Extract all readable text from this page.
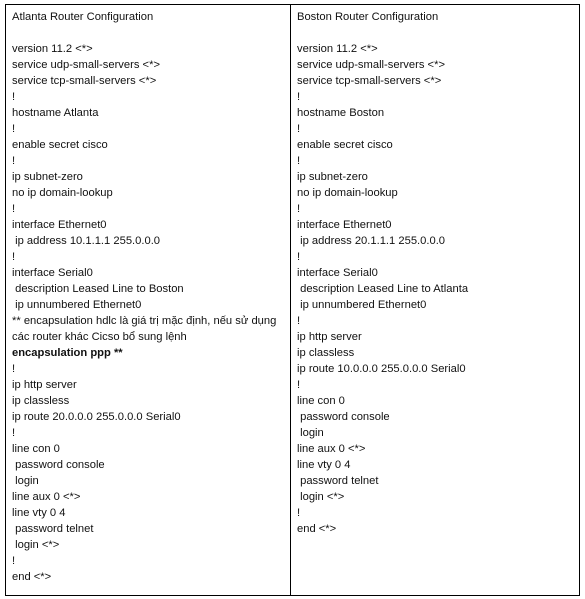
Atlanta Router Configuration
version 11.2 <*>
service udp-small-servers <*>
service tcp-small-servers <*>
!
hostname Atlanta
!
enable secret cisco
!
ip subnet-zero
no ip domain-lookup
!
interface Ethernet0
ip address 10.1.1.1 255.0.0.0
!
interface Serial0
description Leased Line to Boston
ip unnumbered Ethernet0
** encapsulation hdlc là giá trị mặc định, nếu sử dụng các router khác Cicso bổ sung lệnh
encapsulation ppp **
!
ip http server
ip classless
ip route 20.0.0.0 255.0.0.0 Serial0
!
line con 0
password console
login
line aux 0 <*>
line vty 0 4
password telnet
login <*>
!
end <*>

Boston Router Configuration
version 11.2 <*>
service udp-small-servers <*>
service tcp-small-servers <*>
!
hostname Boston
!
enable secret cisco
!
ip subnet-zero
no ip domain-lookup
!
interface Ethernet0
ip address 20.1.1.1 255.0.0.0
!
interface Serial0
description Leased Line to Atlanta
ip unnumbered Ethernet0
!
ip http server
ip classless
ip route 10.0.0.0 255.0.0.0 Serial0
!
line con 0
password console
login
line aux 0 <*>
line vty 0 4
password telnet
login <*>
!
end <*>
